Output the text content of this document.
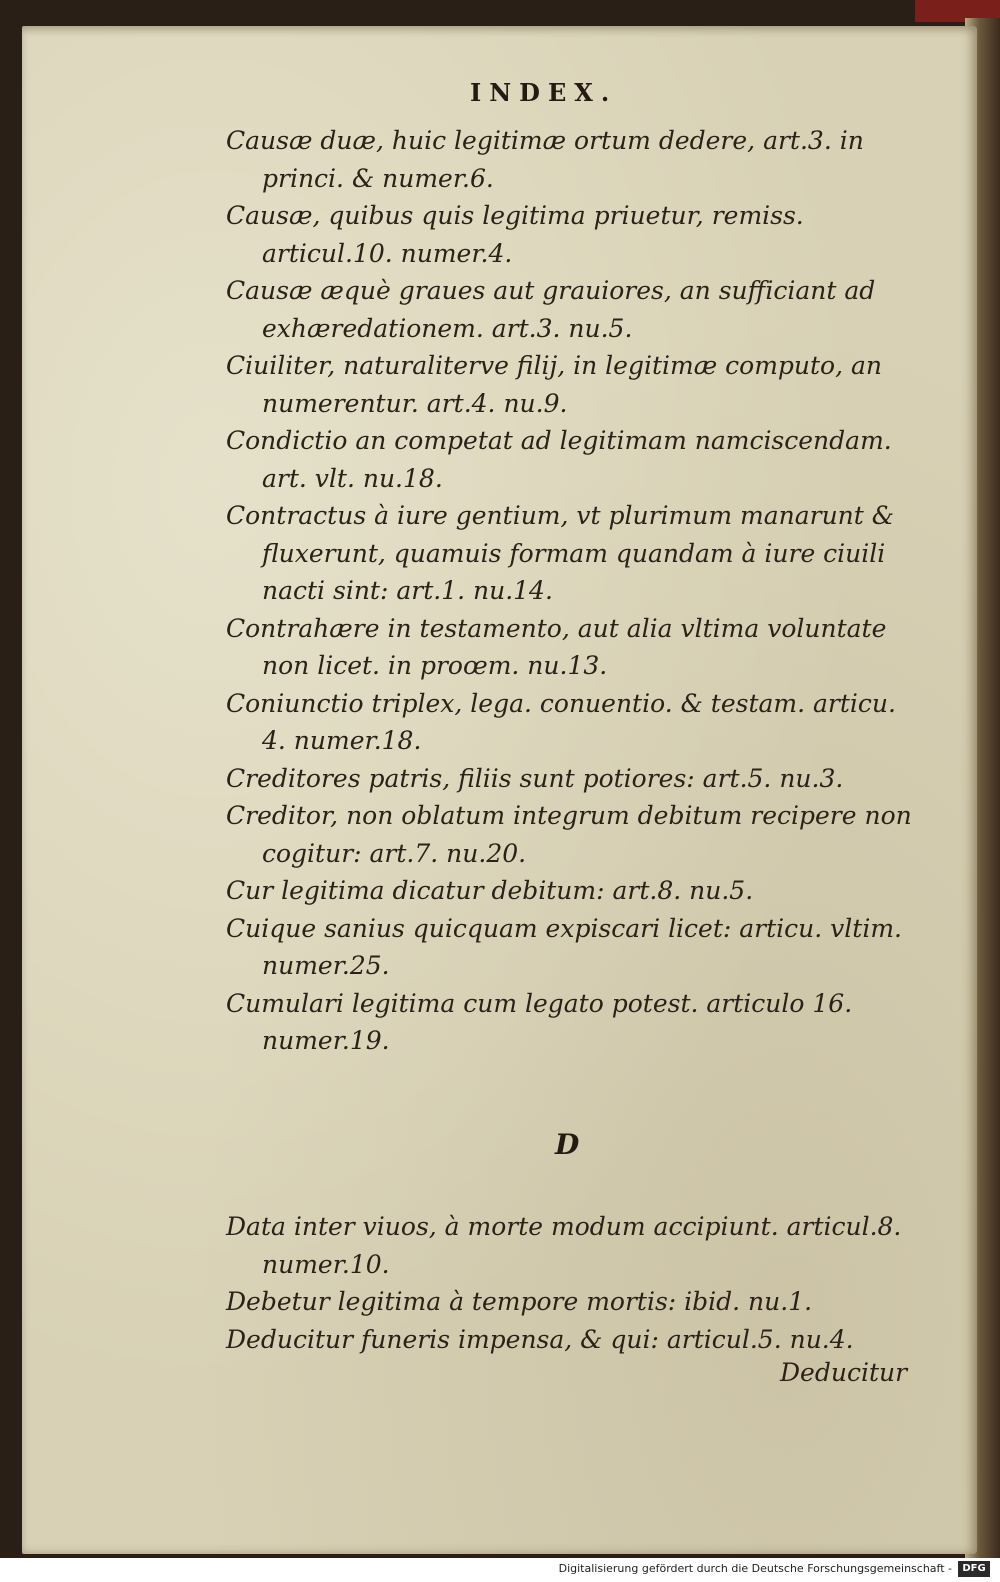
INDEX.

Causæ duæ, huic legitimæ ortum dedere, art.3. in princi. & numer.6.

Causæ, quibus quis legitima priuetur, remiss. articul.10. numer.4.

Causæ æquè graues aut grauiores, an sufficiant ad exhæredationem. art.3. nu.5.

Ciuiliter, naturaliterve filij, in legitimæ computo, an numerentur. art.4. nu.9.

Condictio an competat ad legitimam namciscendam. art. vlt. nu.18.

Contractus à iure gentium, vt plurimum manarunt & fluxerunt, quamuis formam quandam à iure ciuili nacti sint: art.1. nu.14.

Contrahære in testamento, aut alia vltima voluntate non licet. in proœm. nu.13.

Coniunctio triplex, lega. conuentio. & testam. articu. 4. numer.18.

Creditores patris, filiis sunt potiores: art.5. nu.3.

Creditor, non oblatum integrum debitum recipere non cogitur: art.7. nu.20.

Cur legitima dicatur debitum: art.8. nu.5.

Cuique sanius quicquam expiscari licet: articu. vltim. numer.25.

Cumulari legitima cum legato potest. articulo 16. numer.19.

D

Data inter viuos, à morte modum accipiunt. articul.8. numer.10.

Debetur legitima à tempore mortis: ibid. nu.1.

Deducitur funeris impensa, & qui: articul.5. nu.4.

Deducitur
Digitalisierung gefördert durch die Deutsche Forschungsgemeinschaft -	DFG
